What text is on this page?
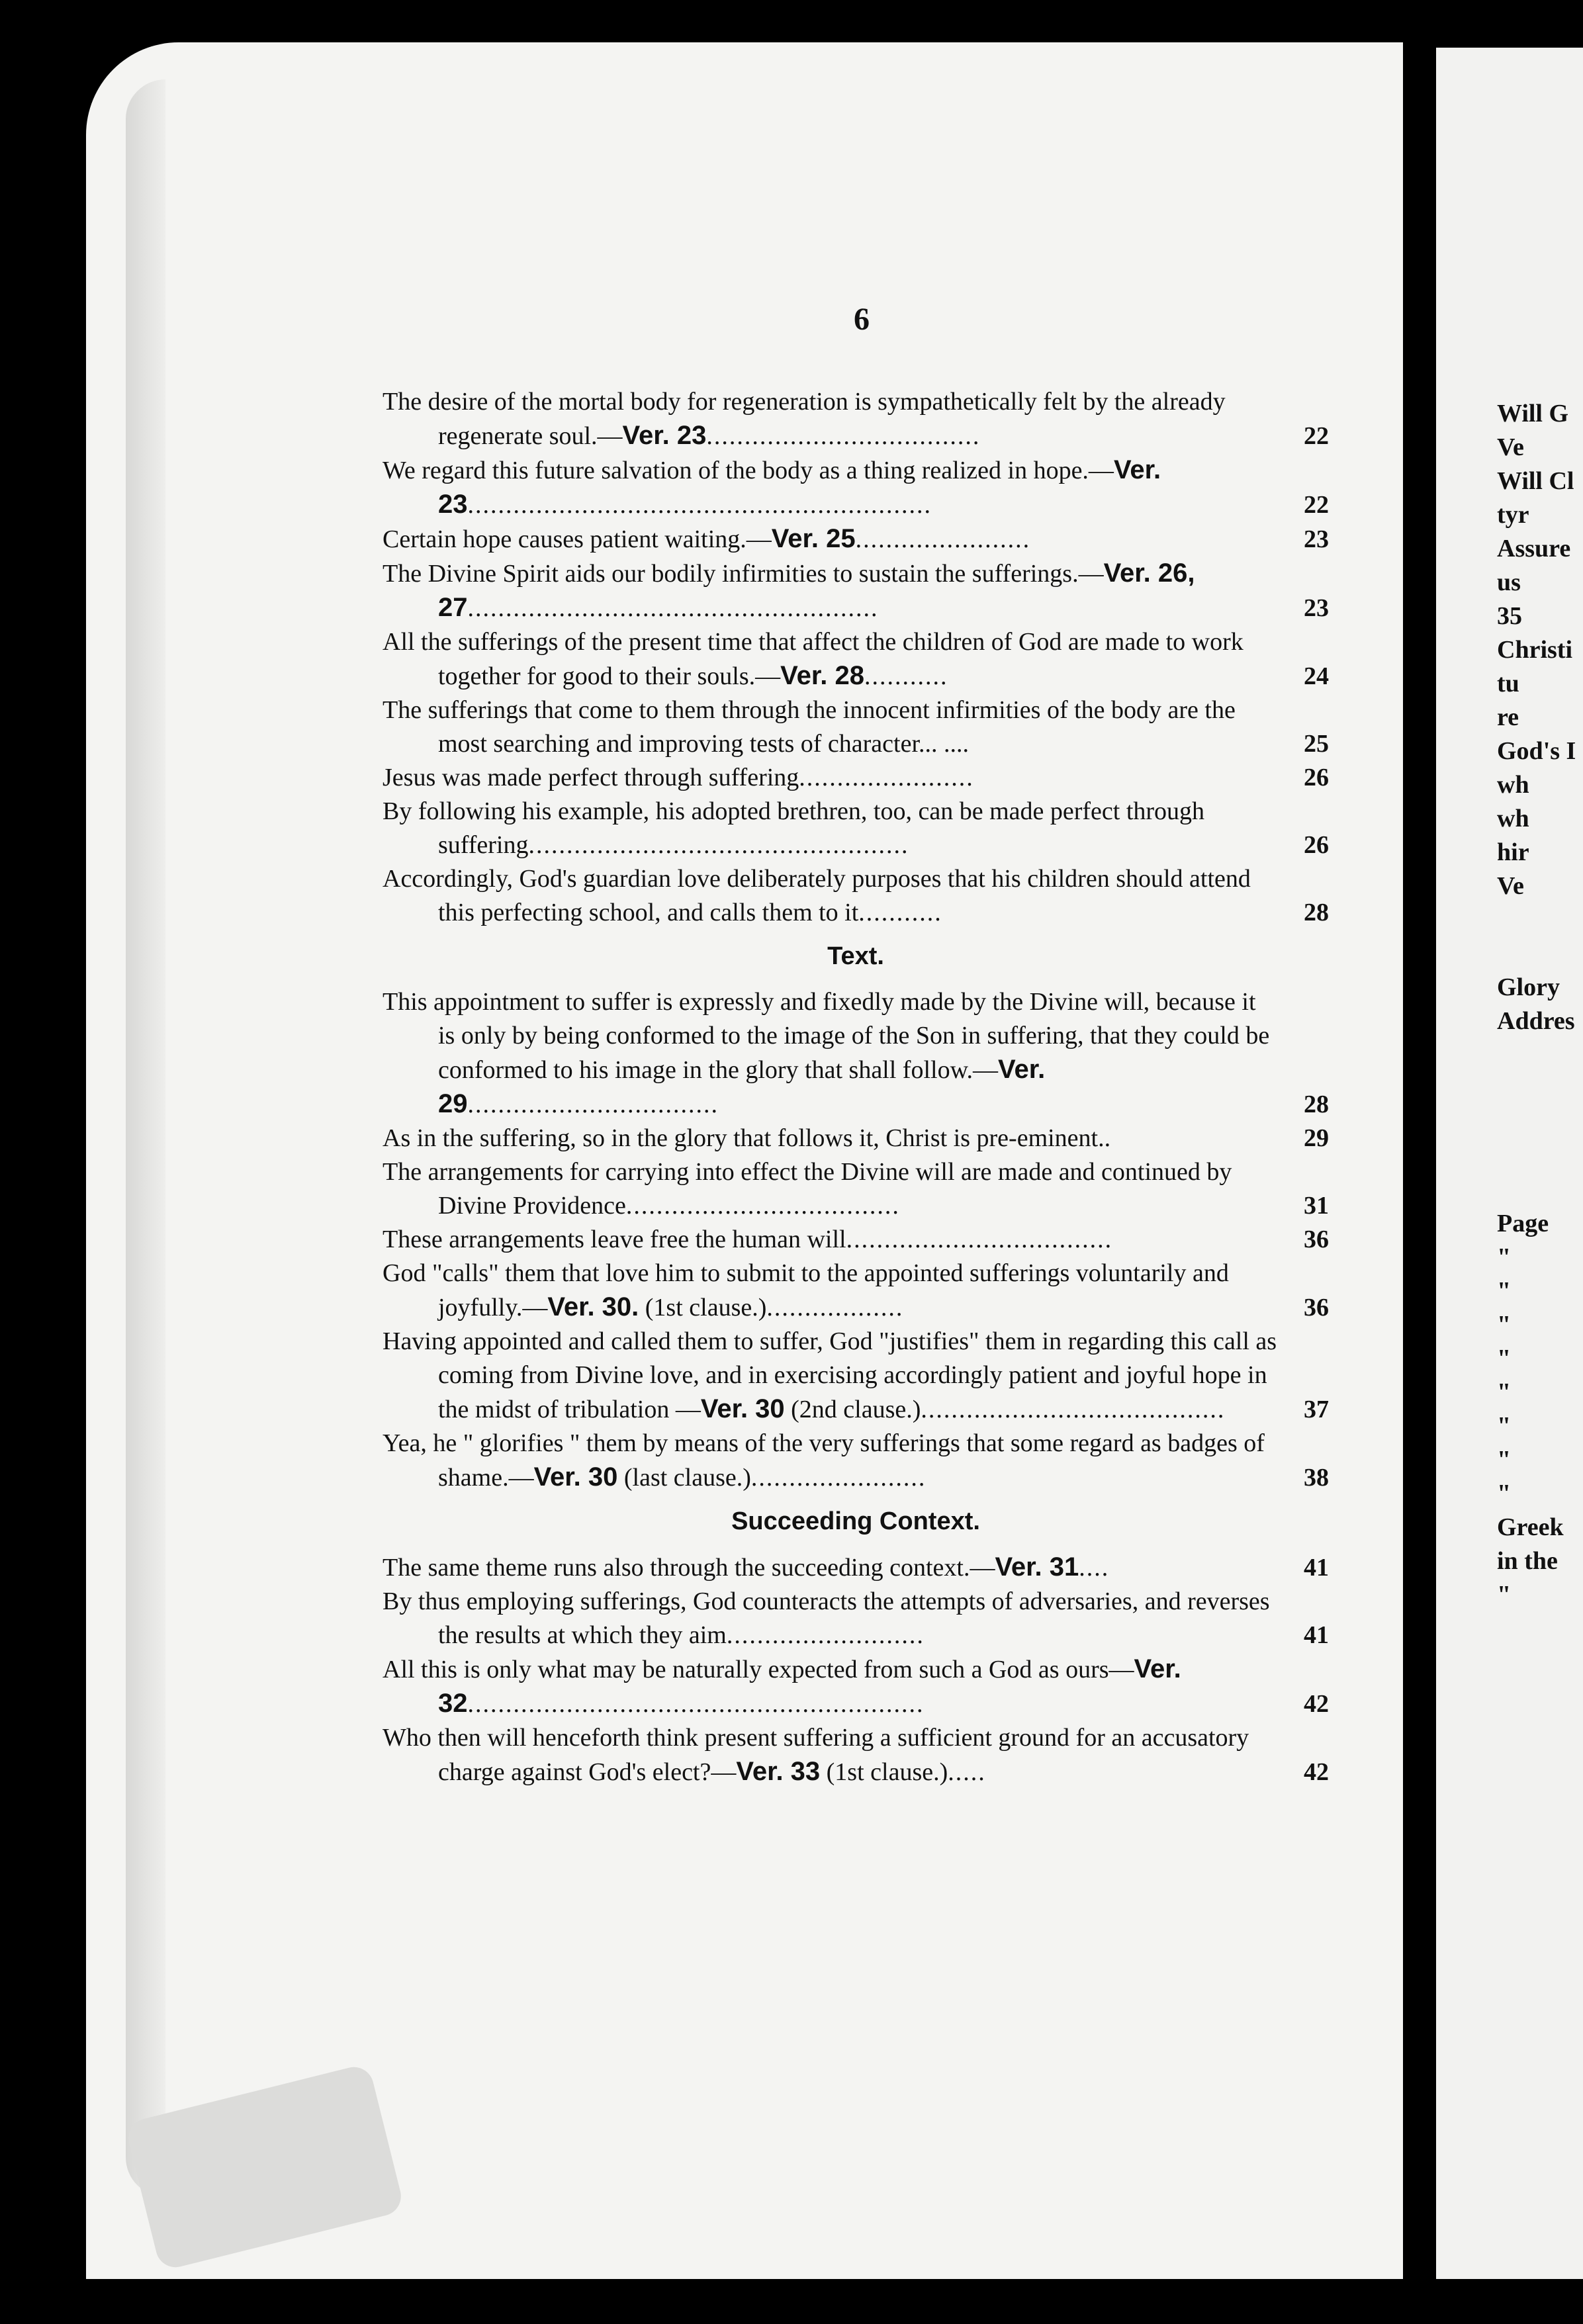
6
The desire of the mortal body for regeneration is sympathetically felt by the already regenerate soul.—Ver. 23....................................	22
We regard this future salvation of the body as a thing realized in hope.—Ver. 23.............................................................	22
Certain hope causes patient waiting.—Ver. 25.......................	23
The Divine Spirit aids our bodily infirmities to sustain the sufferings.—Ver. 26, 27......................................................	23
All the sufferings of the present time that affect the children of God are made to work together for good to their souls.—Ver. 28...........	24
The sufferings that come to them through the innocent infirmities of the body are the most searching and improving tests of character... ....	25
Jesus was made perfect through suffering.......................	26
By following his example, his adopted brethren, too, can be made perfect through suffering..................................................	26
Accordingly, God's guardian love deliberately purposes that his children should attend this perfecting school, and calls them to it...........	28
Text.
This appointment to suffer is expressly and fixedly made by the Divine will, because it is only by being conformed to the image of the Son in suffering, that they could be conformed to his image in the glory that shall follow.—Ver. 29.................................	28
As in the suffering, so in the glory that follows it, Christ is pre-eminent..	29
The arrangements for carrying into effect the Divine will are made and continued by Divine Providence....................................	31
These arrangements leave free the human will...................................	36
God "calls" them that love him to submit to the appointed sufferings voluntarily and joyfully.—Ver. 30. (1st clause.)..................	36
Having appointed and called them to suffer, God "justifies" them in regarding this call as coming from Divine love, and in exercising accordingly patient and joyful hope in the midst of tribulation —Ver. 30 (2nd clause.)........................................	37
Yea, he " glorifies " them by means of the very sufferings that some regard as badges of shame.—Ver. 30 (last clause.).......................	38
Succeeding Context.
The same theme runs also through the succeeding context.—Ver. 31....	41
By thus employing sufferings, God counteracts the attempts of adversaries, and reverses the results at which they aim..........................	41
All this is only what may be naturally expected from such a God as ours—Ver. 32............................................................	42
Who then will henceforth think present suffering a sufficient ground for an accusatory charge against God's elect?—Ver. 33 (1st clause.).....	42
Will G
Ve
Will Cl
tyr
Assure
us
35
Christi
tu
re
God's I
wh
wh
hir
Ve

Glory
Addres

Page
"
"
"
"
"
"
"
"
Greek
in the
"
